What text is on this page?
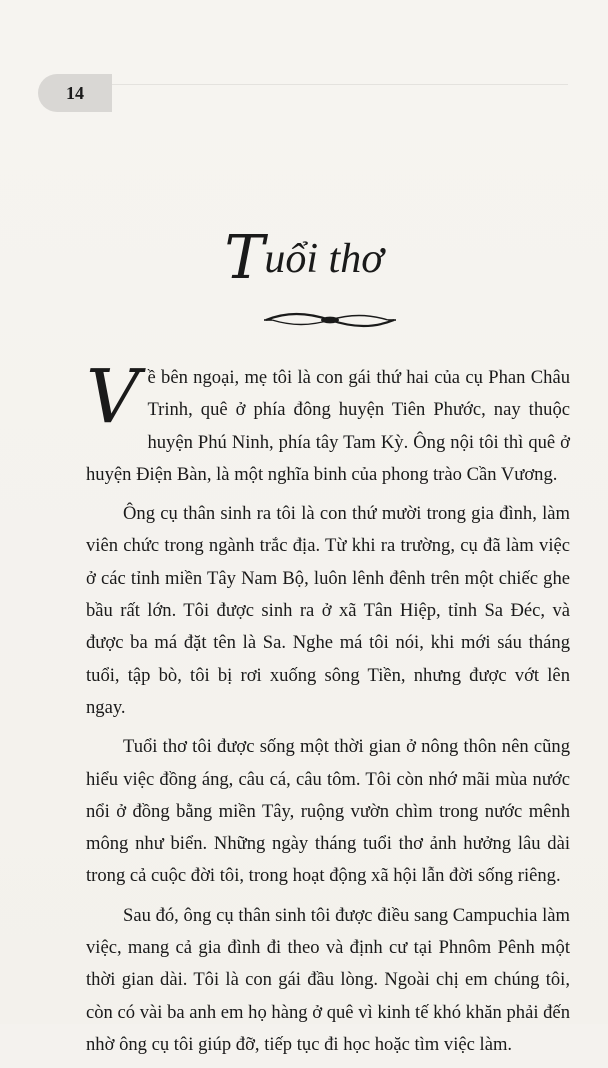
14
Tuổi thơ

Về bên ngoại, mẹ tôi là con gái thứ hai của cụ Phan Châu Trinh, quê ở phía đông huyện Tiên Phước, nay thuộc huyện Phú Ninh, phía tây Tam Kỳ. Ông nội tôi thì quê ở huyện Điện Bàn, là một nghĩa binh của phong trào Cần Vương.

Ông cụ thân sinh ra tôi là con thứ mười trong gia đình, làm viên chức trong ngành trắc địa. Từ khi ra trường, cụ đã làm việc ở các tỉnh miền Tây Nam Bộ, luôn lênh đênh trên một chiếc ghe bầu rất lớn. Tôi được sinh ra ở xã Tân Hiệp, tỉnh Sa Đéc, và được ba má đặt tên là Sa. Nghe má tôi nói, khi mới sáu tháng tuổi, tập bò, tôi bị rơi xuống sông Tiền, nhưng được vớt lên ngay.

Tuổi thơ tôi được sống một thời gian ở nông thôn nên cũng hiểu việc đồng áng, câu cá, câu tôm. Tôi còn nhớ mãi mùa nước nổi ở đồng bằng miền Tây, ruộng vườn chìm trong nước mênh mông như biển. Những ngày tháng tuổi thơ ảnh hưởng lâu dài trong cả cuộc đời tôi, trong hoạt động xã hội lẫn đời sống riêng.

Sau đó, ông cụ thân sinh tôi được điều sang Campuchia làm việc, mang cả gia đình đi theo và định cư tại Phnôm Pênh một thời gian dài. Tôi là con gái đầu lòng. Ngoài chị em chúng tôi, còn có vài ba anh em họ hàng ở quê vì kinh tế khó khăn phải đến nhờ ông cụ tôi giúp đỡ, tiếp tục đi học hoặc tìm việc làm.
